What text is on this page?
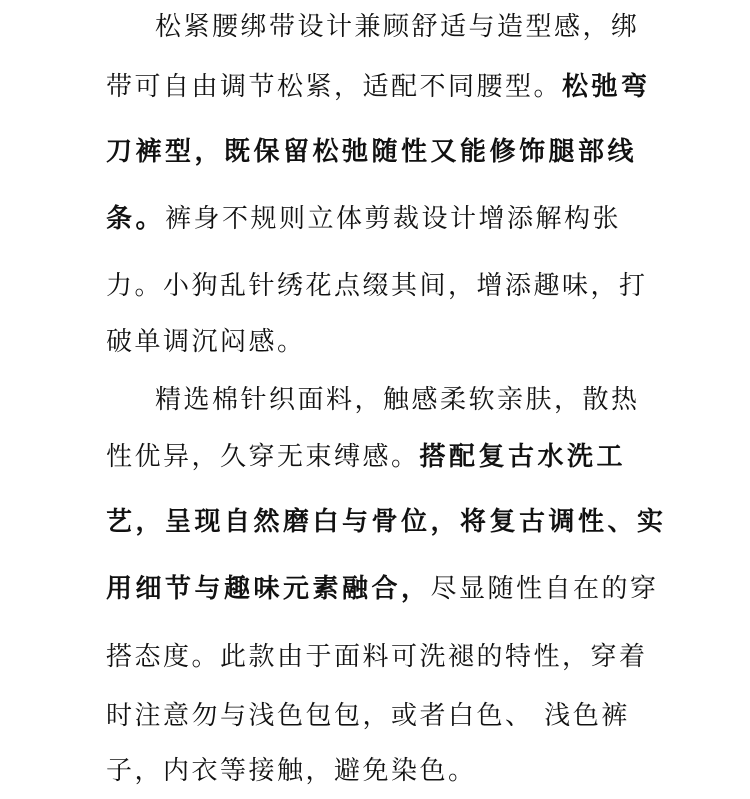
松紧腰绑带设计兼顾舒适与造型感，绑
带可自由调节松紧，适配不同腰型。松弛弯
刀裤型，既保留松弛随性又能修饰腿部线
条。裤身不规则立体剪裁设计增添解构张
力。小狗乱针绣花点缀其间，增添趣味，打
破单调沉闷感。
精选棉针织面料，触感柔软亲肤，散热
性优异，久穿无束缚感。搭配复古水洗工
艺，呈现自然磨白与骨位，将复古调性、实
用细节与趣味元素融合，尽显随性自在的穿
搭态度。此款由于面料可洗褪的特性，穿着
时注意勿与浅色包包，或者白色、 浅色裤
子，内衣等接触，避免染色。
